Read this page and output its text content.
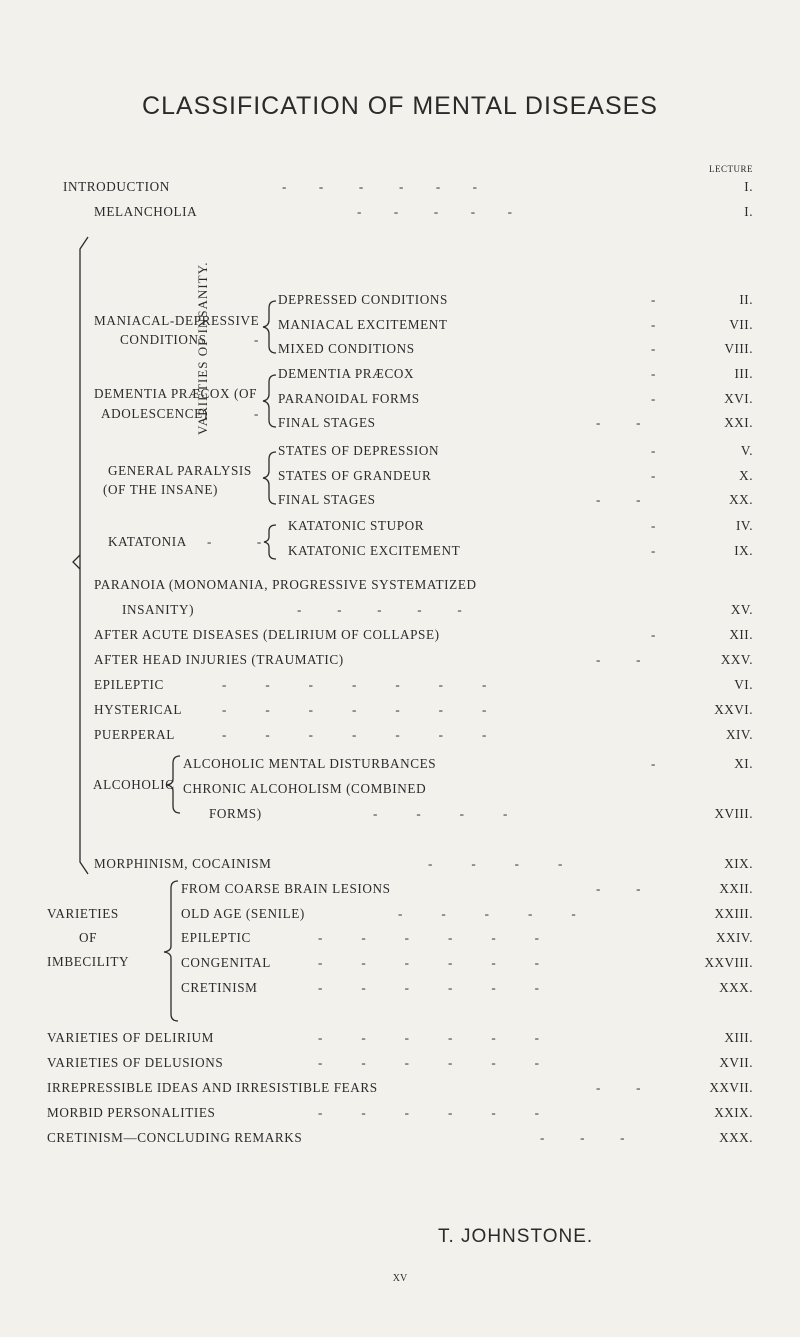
CLASSIFICATION OF MENTAL DISEASES
VARIETIES OF INSANITY.
LECTURE
INTRODUCTION	-          -           -           -          -          -	I.
MELANCHOLIA	-          -           -          -          -	I.
MANIACAL-DEPRESSIVE
CONDITIONS	-
DEPRESSED CONDITIONS	-	II.
MANIACAL EXCITEMENT	-	VII.
MIXED CONDITIONS	-	VIII.
DEMENTIA PRÆCOX (OF
ADOLESCENCE)	-
DEMENTIA PRÆCOX	-	III.
PARANOIDAL FORMS	-	XVI.
FINAL STAGES	-           -	XXI.
GENERAL PARALYSIS
(OF THE INSANE)
STATES OF DEPRESSION	-	V.
STATES OF GRANDEUR	-	X.
FINAL STAGES	-           -	XX.
KATATONIA -              -
KATATONIC STUPOR	-	IV.
KATATONIC EXCITEMENT	-	IX.
PARANOIA (MONOMANIA, PROGRESSIVE SYSTEMATIZED
INSANITY)	-           -           -           -           -	XV.
AFTER ACUTE DISEASES (DELIRIUM OF COLLAPSE)	-	XII.
AFTER HEAD INJURIES (TRAUMATIC)	-           -	XXV.
EPILEPTIC	-            -            -            -            -            -            -	VI.
HYSTERICAL	-            -            -            -            -            -            -	XXVI.
PUERPERAL	-            -            -            -            -            -            -	XIV.
ALCOHOLIC
ALCOHOLIC MENTAL DISTURBANCES	-	XI.
CHRONIC ALCOHOLISM (COMBINED
FORMS)	-            -            -            -	XVIII.
MORPHINISM, COCAINISM	-            -            -            -	XIX.
VARIETIES
OF
IMBECILITY
FROM COARSE BRAIN LESIONS	-           -	XXII.
OLD AGE (SENILE)	-            -            -            -            -	XXIII.
EPILEPTIC	-            -            -            -            -            -	XXIV.
CONGENITAL	-            -            -            -            -            -	XXVIII.
CRETINISM	-            -            -            -            -            -	XXX.
VARIETIES OF DELIRIUM	-            -            -            -            -            -	XIII.
VARIETIES OF DELUSIONS	-            -            -            -            -            -	XVII.
IRREPRESSIBLE IDEAS AND IRRESISTIBLE FEARS	-           -	XXVII.
MORBID PERSONALITIES	-            -            -            -            -            -	XXIX.
CRETINISM—CONCLUDING REMARKS	-           -           -	XXX.
T. JOHNSTONE.
XV
